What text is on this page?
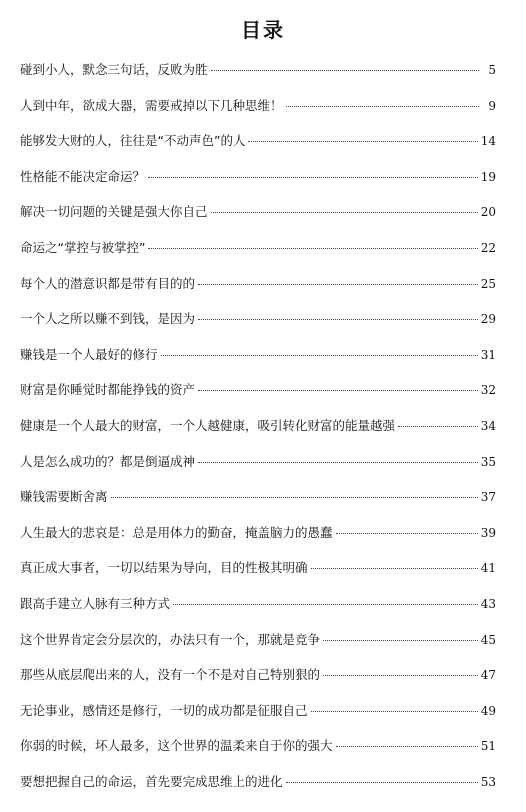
目录
碰到小人，默念三句话，反败为胜	5
人到中年，欲成大器，需要戒掉以下几种思维！	9
能够发大财的人，往往是“不动声色”的人	14
性格能不能决定命运？	19
解决一切问题的关键是强大你自己	20
命运之“掌控与被掌控”	22
每个人的潜意识都是带有目的的	25
一个人之所以赚不到钱，是因为	29
赚钱是一个人最好的修行	31
财富是你睡觉时都能挣钱的资产	32
健康是一个人最大的财富，一个人越健康，吸引转化财富的能量越强	34
人是怎么成功的？都是倒逼成神	35
赚钱需要断舍离	37
人生最大的悲哀是：总是用体力的勤奋，掩盖脑力的愚蠢	39
真正成大事者，一切以结果为导向，目的性极其明确	41
跟高手建立人脉有三种方式	43
这个世界肯定会分层次的，办法只有一个，那就是竞争	45
那些从底层爬出来的人，没有一个不是对自己特别狠的	47
无论事业，感情还是修行，一切的成功都是征服自己	49
你弱的时候，坏人最多，这个世界的温柔来自于你的强大	51
要想把握自己的命运，首先要完成思维上的进化	53
